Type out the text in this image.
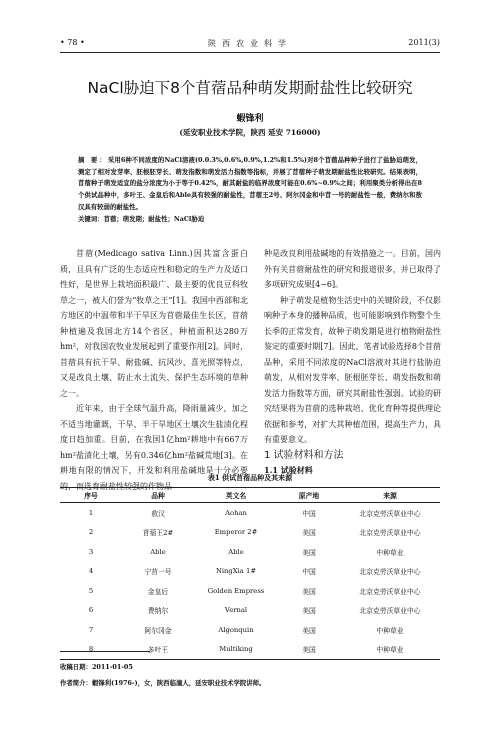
• 78 •	陕西农业科学	2011(3)
NaCl胁迫下8个苜蓿品种萌发期耐盐性比较研究
蝦锋利
(延安职业技术学院，陕西 延安 716000)
摘 要：采用6种不同浓度的NaCl溶液(0.0.3%,0.6%,0.9%,1.2%和1.5%)对8个苜蓿品种种子进行了盐胁迫萌发，测定了相对发芽率、胚根胚芽长、萌发指数和萌发活力指数等指标，并展了苜蓿种子萌发期耐盐性比较研究。结果表明，苜蓿种子萌发适宜的盐分浓度为小于等于0.42%，耐其耐盐的临界浓度可能在0.6%~0.9%之间；利用聚类分析得出在8个供试品种中，多叶王、金皇后和Able具有较强的耐盐性，苜蓿王2号、阿尔冈金和中苜一号的耐盐性一般，费纳尔和敖汉具有较弱的耐盐性。
关键词：苜蓿；萌发期；耐盐性；NaCl胁迫

苜蓿(Medicago sativa Linn.)因其富含蛋白质，且具有广泛的生态适应性和稳定的生产力及适口性好，是世界上栽培面积最广、最主要的优良豆科牧草之一，被人们誉为“牧草之王”[1]。我国中西部和北方地区的中温带和半干旱区为苜蓿最佳生长区，苜蓿种植遍及我国北方14个省区，种植面积达280万hm²，对我国农牧业发展起到了重要作用[2]。同时，苜蓿具有抗干旱、耐盐碱、抗风沙、喜光照等特点，又是改良土壤、防止水土流失、保护生态环境的草种之一。

近年来，由于全球气温升高，降雨量减少，加之不适当地灌溉，干旱、半干旱地区土壤次生盐渍化程度日趋加重。目前，在我国1亿hm²耕地中有667万hm²盐渍化土壤，另有0.346亿hm²盐碱荒地[3]。在耕地有限的情况下，开发和利用盐碱地是十分必要的，而选育耐盐性较强的作物品

种是改良利用盐碱地的有效措施之一。目前，国内外有关苜蓿耐盐性的研究和报道很多，并已取得了多项研究成果[4~6]。

种子萌发是植物生活史中的关键阶段，不仅影响种子本身的播种品质，也可能影响到作物整个生长季的正常发育，故种子萌发期是进行植物耐盐性鉴定的重要时期[7]。因此，笔者试验选择8个苜蓿品种，采用不同浓度的NaCl溶液对其进行盐胁迫萌发，从相对发芽率、胚根胚芽长、萌发指数和萌发活力指数等方面，研究其耐盐性强弱。试验的研究结果将为苜蓿的选种栽培、优化育种等提供理论依据和参考，对扩大其种植范围，提高生产力，具有重要意义。

1 试验材料和方法

1.1 试验材料

表1 供试苜蓿品种及其来源
序号	品种	英文名	原产地	来源
1	敖汉	Aohan	中国	北京克劳沃草业中心
2	苜蓿王2#	Emperor 2#	美国	北京克劳沃草业中心
3	Able	Able	美国	中种草业
4	宁苜一号	NingXia 1#	中国	北京克劳沃草业中心
5	金皇后	Golden Empress	美国	北京克劳沃草业中心
6	费纳尔	Vernal	美国	北京克劳沃草业中心
7	阿尔冈金	Algonquin	美国	中种草业
8	多叶王	Multiking	美国	中种草业
收稿日期：2011-01-05
作者简介：蝦锋利(1976-)，女，陕西临潼人，延安职业技术学院讲师。
